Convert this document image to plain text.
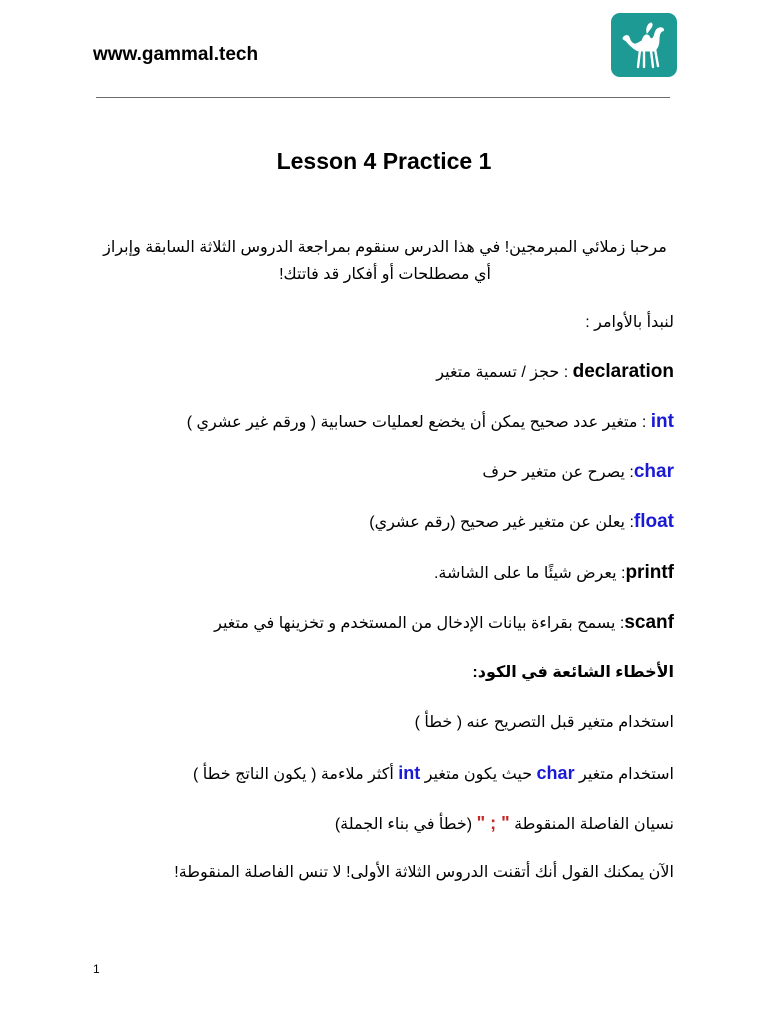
www.gammal.tech
Lesson 4 Practice 1
مرحبا زملائي المبرمجين! في هذا الدرس سنقوم بمراجعة الدروس الثلاثة السابقة وإبراز أي مصطلحات أو أفكار قد فاتتك!
لنبدأ بالأوامر :
declaration : حجز / تسمية متغير
int : متغير عدد صحيح يمكن أن يخضع لعمليات حسابية ( ورقم غير عشري )
char: يصرح عن متغير حرف
float: يعلن عن متغير غير صحيح (رقم عشري)
printf: يعرض شيئًا ما على الشاشة.
scanf: يسمح بقراءة بيانات الإدخال من المستخدم و تخزينها في متغير
الأخطاء الشائعة في الكود:
استخدام متغير قبل التصريح عنه ( خطأ )
استخدام متغير char حيث يكون متغير int أكثر ملاءمة ( يكون الناتج خطأ )
نسيان الفاصلة المنقوطة " ; " (خطأ في بناء الجملة)
الآن يمكنك القول أنك أتقنت الدروس الثلاثة الأولى! لا تنس الفاصلة المنقوطة!
1
